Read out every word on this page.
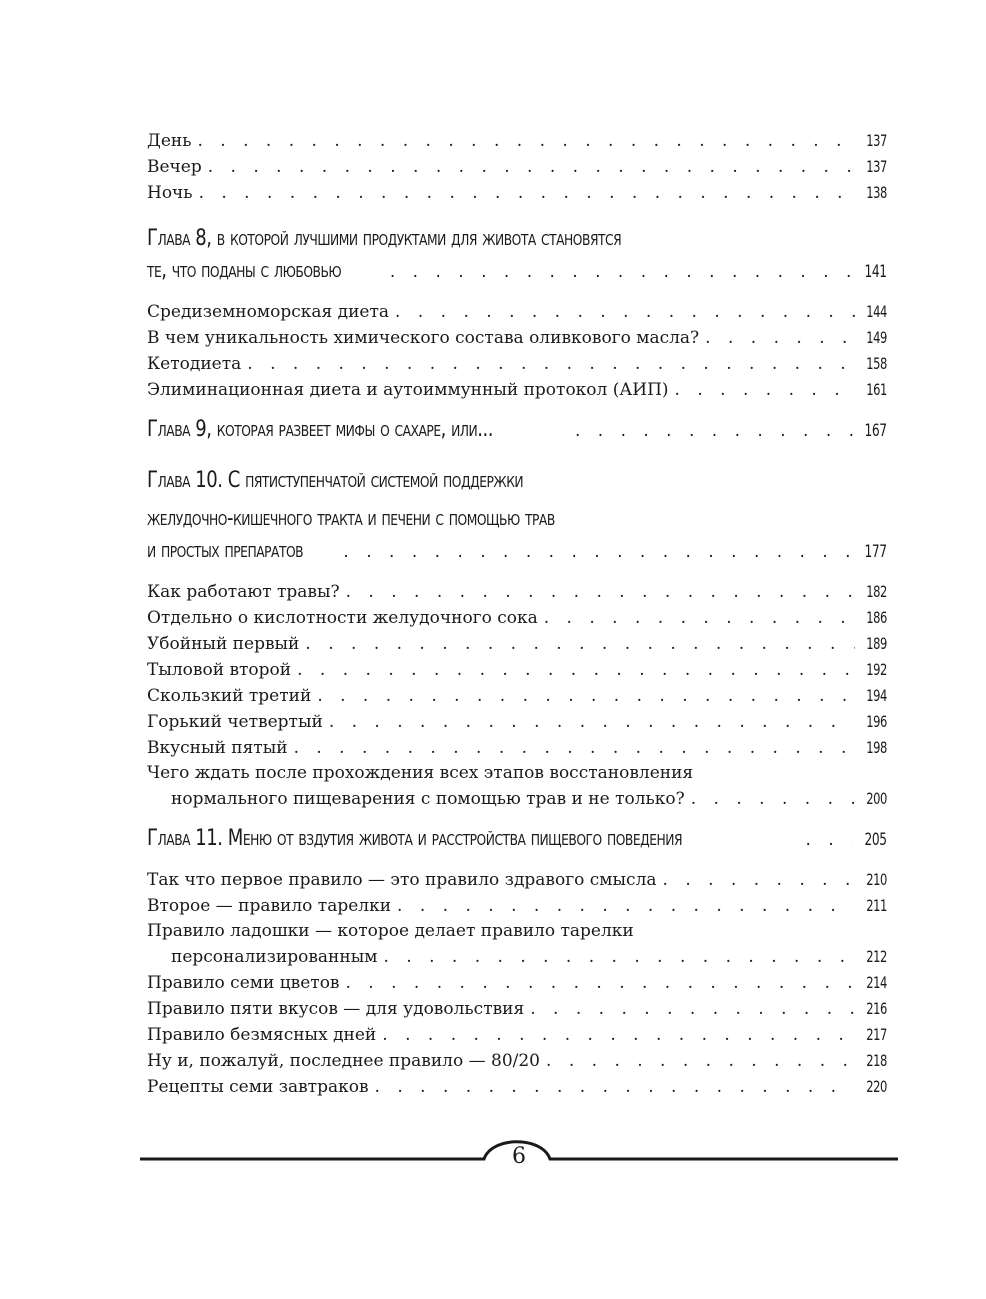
День . . .	137
Вечер . . .	137
Ночь . . .	138
Глава 8, в которой лучшими продуктами для живота становятся
те, что поданы с любовью . . .	141
Средиземноморская диета . . .	144
В чем уникальность химического состава оливкового масла? . . .	149
Кетодиета . . .	158
Элиминационная диета и аутоиммунный протокол (АИП) . . .	161
Глава 9, которая развеет мифы о сахаре, или... . . .	167
Глава 10. С пятиступенчатой системой поддержки
желудочно-кишечного тракта и печени с помощью трав
и простых препаратов . . .	177
Как работают травы? . . .	182
Отдельно о кислотности желудочного сока . . .	186
Убойный первый . . .	189
Тыловой второй . . .	192
Скользкий третий . . .	194
Горький четвертый . . .	196
Вкусный пятый . . .	198
Чего ждать после прохождения всех этапов восстановления
нормального пищеварения с помощью трав и не только? . . .	200
Глава 11. Меню от вздутия живота и расстройства пищевого поведения . . .	205
Так что первое правило — это правило здравого смысла . . .	210
Второе — правило тарелки . . .	211
Правило ладошки — которое делает правило тарелки
персонализированным . . .	212
Правило семи цветов . . .	214
Правило пяти вкусов — для удовольствия . . .	216
Правило безмясных дней . . .	217
Ну и, пожалуй, последнее правило — 80/20 . . .	218
Рецепты семи завтраков . . .	220
6
